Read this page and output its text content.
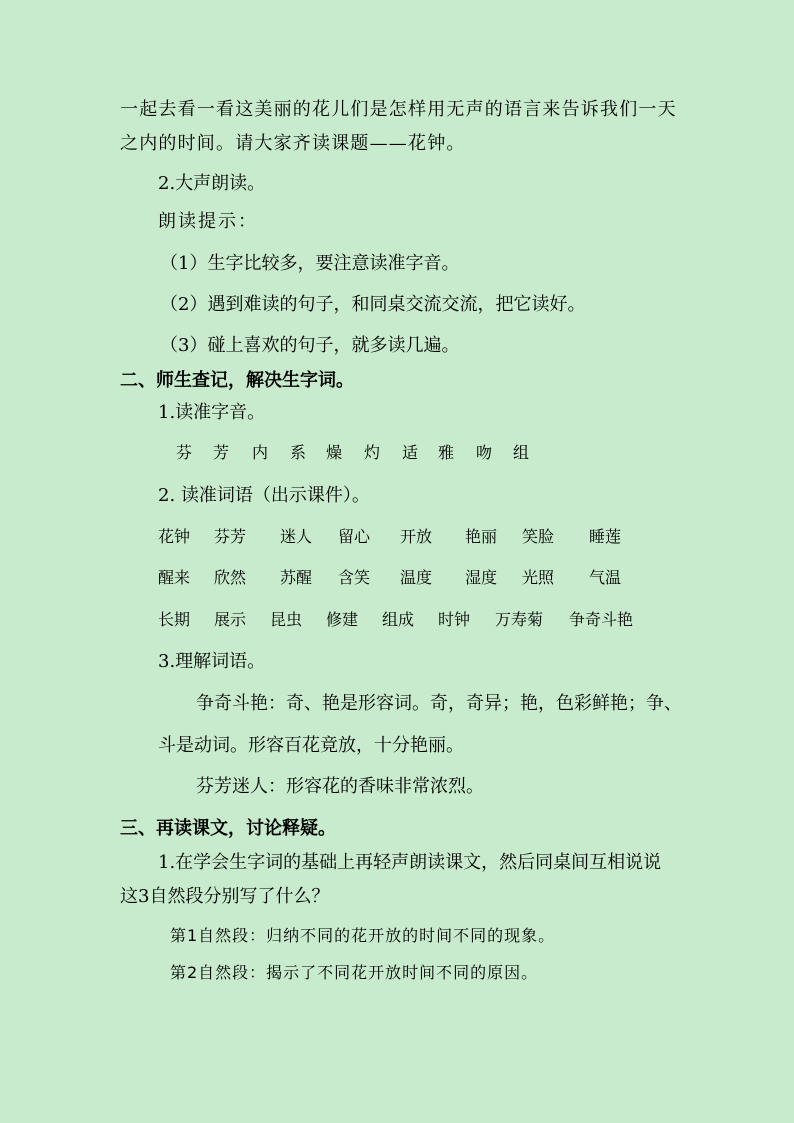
一起去看一看这美丽的花儿们是怎样用无声的语言来告诉我们一天
之内的时间。请大家齐读课题——花钟。
2.大声朗读。
朗读提示：
（1）生字比较多，要注意读准字音。
（2）遇到难读的句子，和同桌交流交流，把它读好。
（3）碰上喜欢的句子，就多读几遍。
二、师生查记，解决生字词。
1.读准字音。
芬 芳 内 系 燥 灼 适 雅 吻 组
2. 读准词语（出示课件）。
花钟 芬芳 迷人 留心 开放 艳丽 笑脸 睡莲
醒来 欣然 苏醒 含笑 温度 湿度 光照 气温
长期 展示 昆虫 修建 组成 时钟 万寿菊 争奇斗艳
3.理解词语。
争奇斗艳：奇、艳是形容词。奇，奇异；艳，色彩鲜艳；争、
斗是动词。形容百花竟放，十分艳丽。
芬芳迷人：形容花的香味非常浓烈。
三、再读课文，讨论释疑。
1.在学会生字词的基础上再轻声朗读课文，然后同桌间互相说说
这3自然段分别写了什么？
第1自然段：归纳不同的花开放的时间不同的现象。
第2自然段：揭示了不同花开放时间不同的原因。
